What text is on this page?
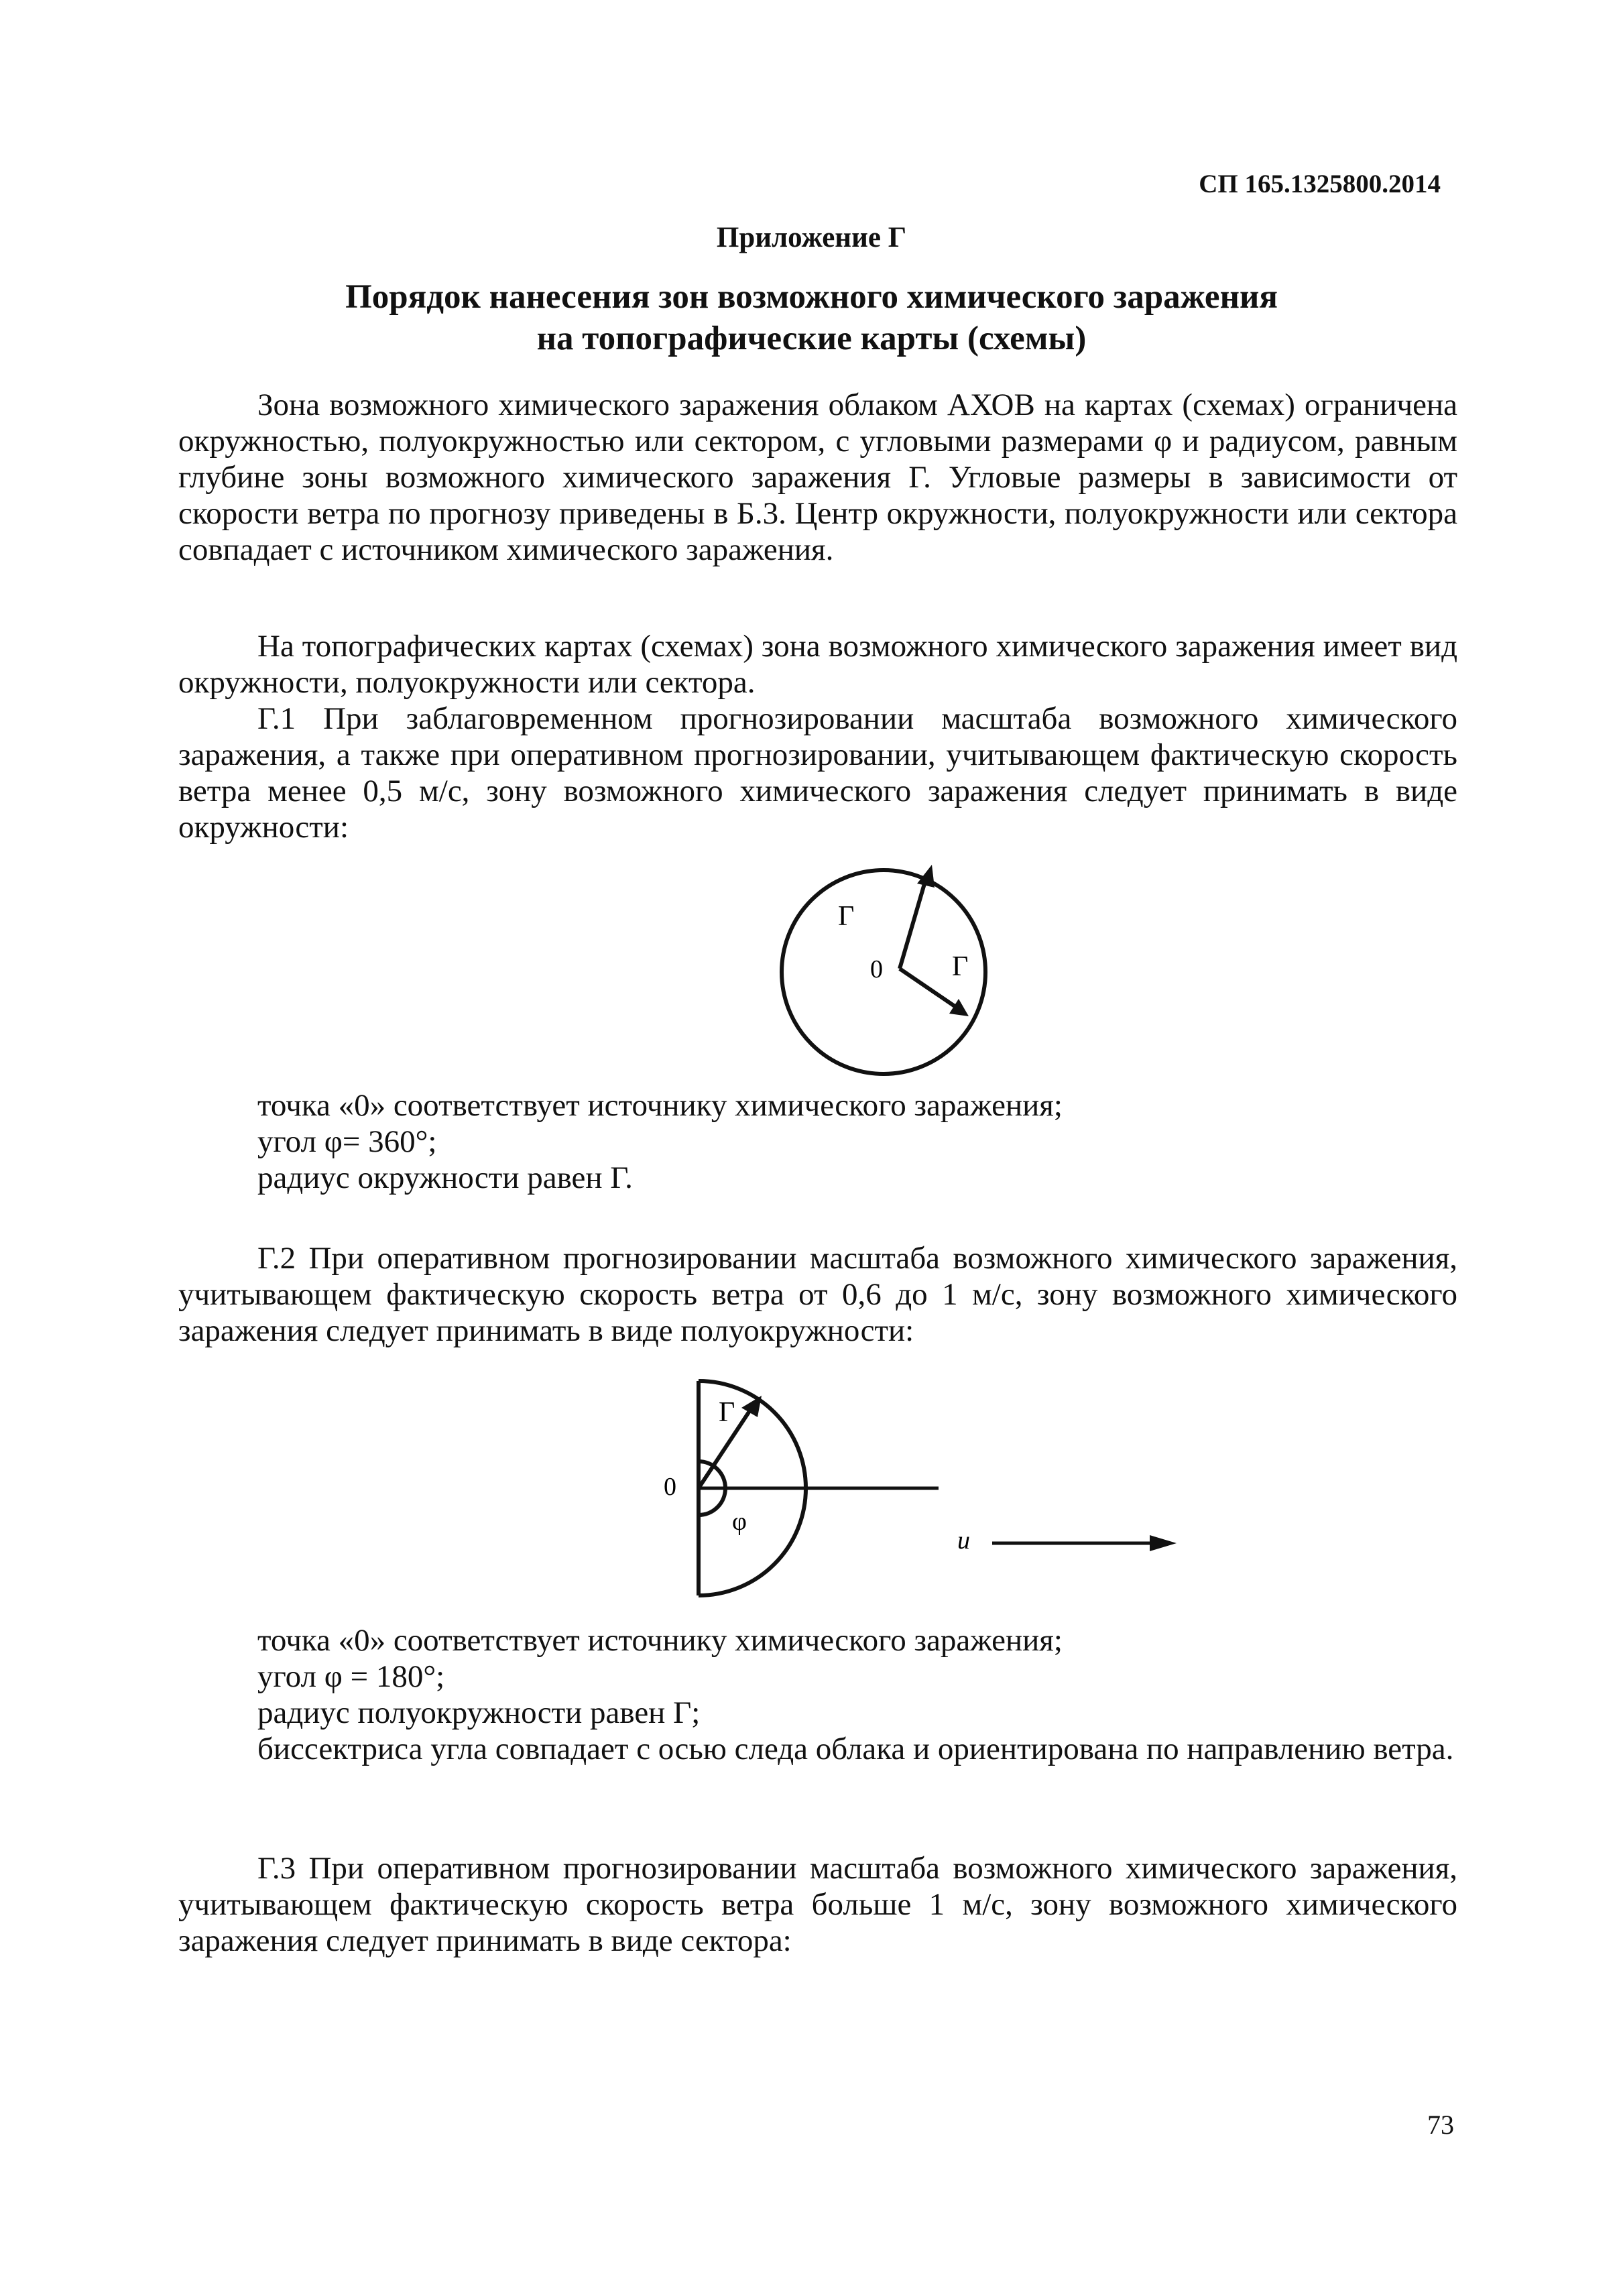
СП 165.1325800.2014
Приложение Г
Порядок нанесения зон возможного химического заражения
на топографические карты (схемы)
Зона возможного химического заражения облаком АХОВ на картах (схемах) ограничена окружностью, полуокружностью или сектором, с угловыми размерами φ и радиусом, равным глубине зоны возможного химического заражения Г. Угловые размеры в зависимости от скорости ветра по прогнозу приведены в Б.3. Центр окружности, полуокружности или сектора совпадает с источником химического заражения.
На топографических картах (схемах) зона возможного химического заражения имеет вид окружности, полуокружности или сектора.
Г.1 При заблаговременном прогнозировании масштаба возможного химического заражения, а также при оперативном прогнозировании, учитывающем фактическую скорость ветра менее 0,5 м/с, зону возможного химического заражения следует принимать в виде окружности:
Г
Г
0
точка «0» соответствует источнику химического заражения;
угол φ= 360°;
радиус окружности равен Г.
Г.2 При оперативном прогнозировании масштаба возможного химического заражения, учитывающем фактическую скорость ветра от 0,6 до 1 м/с, зону возможного химического заражения следует принимать в виде полуокружности:
Г
0
φ
u
точка «0» соответствует источнику химического заражения;
угол φ = 180°;
радиус полуокружности равен Г;
биссектриса угла совпадает с осью следа облака и ориентирована по направлению ветра.
Г.3 При оперативном прогнозировании масштаба возможного химического заражения, учитывающем фактическую скорость ветра больше 1 м/с, зону возможного химического заражения следует принимать в виде сектора:
73
